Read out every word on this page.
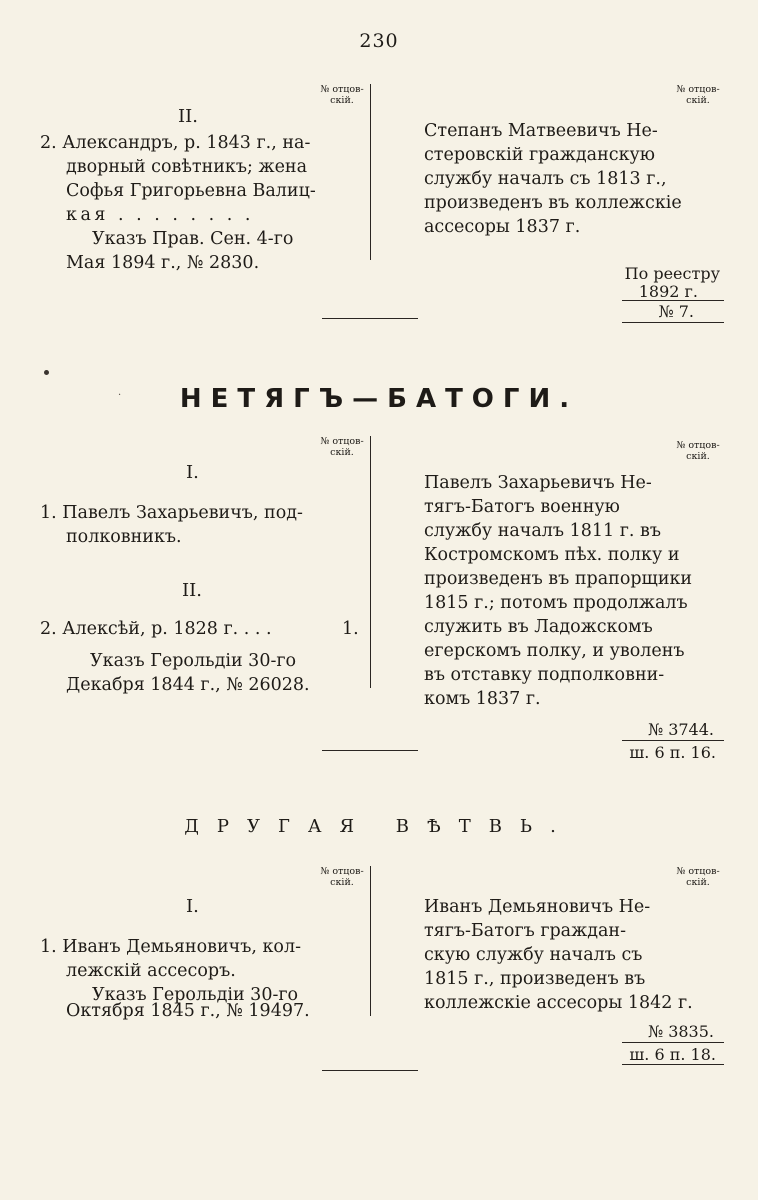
230
№ отцов-
скій.
№ отцов-
скій.
II.
2. Александръ, р. 1843 г., на-
дворный совѣтникъ; жена
Софья Григорьевна Валиц-
кая . . . . . . . .
Указъ Прав. Сен. 4-го
Мая 1894 г., № 2830.
Степанъ Матвеевичъ Не-
стеровскій гражданскую
службу началъ съ 1813 г.,
произведенъ въ коллежскіе
ассесоры 1837 г.
По реестру
1892 г.
№ 7.
·	НЕТЯГЪ—БАТОГИ.
№ отцов-
скій.
№ отцов-
скій.
I.
1. Павелъ Захарьевичъ, под-
полковникъ.
II.
2. Алексѣй, р. 1828 г. . . .	1.
Указъ Герольдіи 30-го
Декабря 1844 г., № 26028.
Павелъ Захарьевичъ Не-
тягъ-Батогъ военную
службу началъ 1811 г. въ
Костромскомъ пѣх. полку и
произведенъ въ прапорщики
1815 г.; потомъ продолжалъ
служить въ Ладожскомъ
егерскомъ полку, и уволенъ
въ отставку подполковни-
комъ 1837 г.
№ 3744.
ш. 6 п. 16.
ДРУГАЯ ВѢТВЬ.
№ отцов-
скій.
№ отцов-
скій.
I.
1. Иванъ Демьяновичъ, кол-
лежскій ассесоръ.
Указъ Герольдіи 30-го
Октября 1845 г., № 19497.
Иванъ Демьяновичъ Не-
тягъ-Батогъ граждан-
скую службу началъ съ
1815 г., произведенъ въ
коллежскіе ассесоры 1842 г.
№ 3835.
ш. 6 п. 18.
